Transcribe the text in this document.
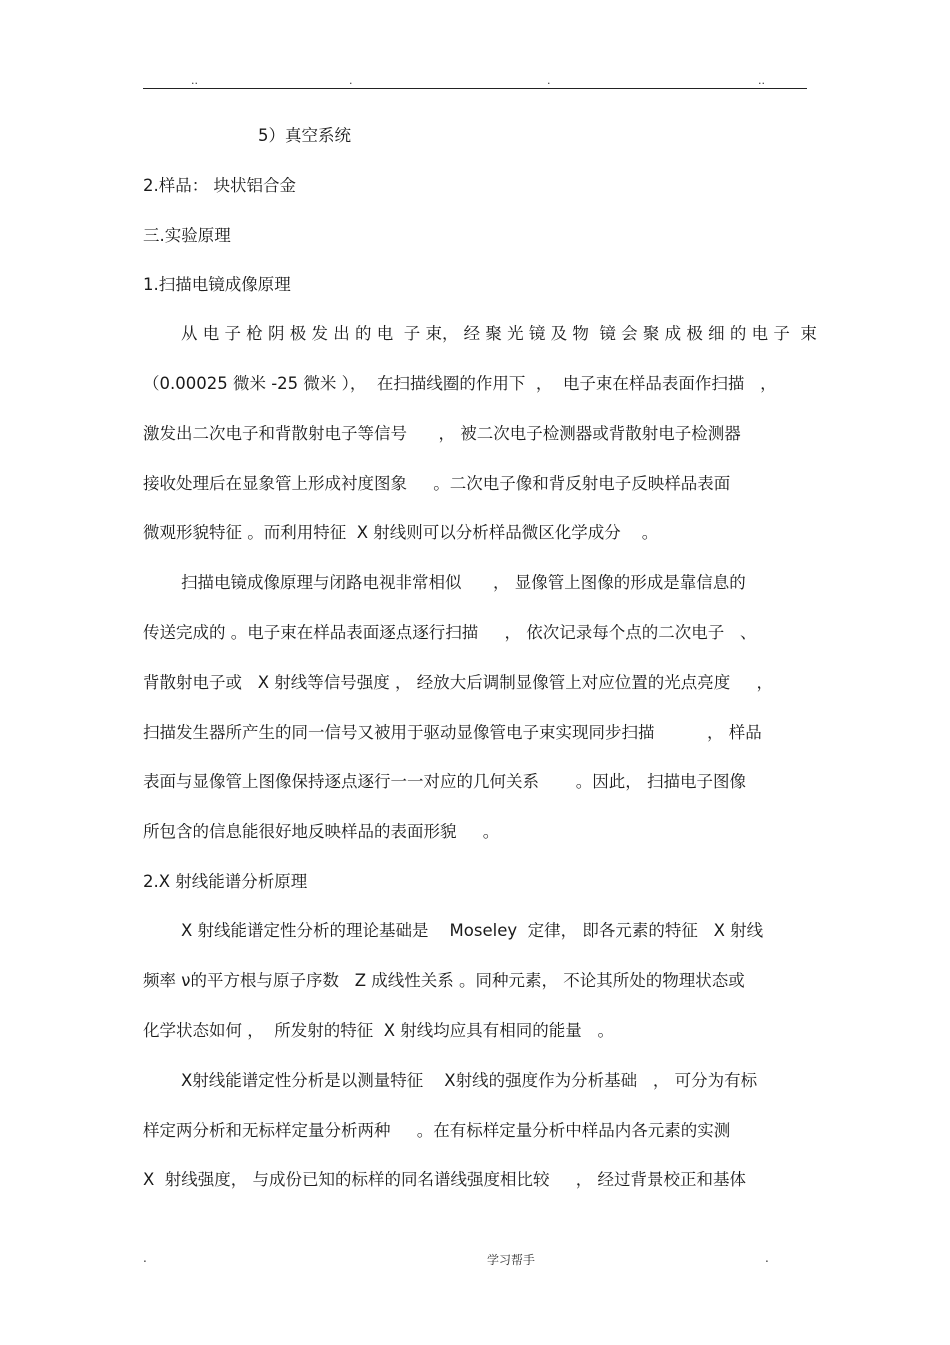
..	.	.	..
5）真空系统
2.样品： 块状铝合金
三.实验原理
1.扫描电镜成像原理
从 电 子 枪 阴 极 发 出 的 电  子 束， 经 聚 光 镜 及 物  镜 会 聚 成 极 细 的 电 子  束
（0.00025 微米 -25 微米 ），  在扫描线圈的作用下  ，  电子束在样品表面作扫描   ，
激发出二次电子和背散射电子等信号      ， 被二次电子检测器或背散射电子检测器
接收处理后在显象管上形成衬度图象     。二次电子像和背反射电子反映样品表面
微观形貌特征 。而利用特征  X 射线则可以分析样品微区化学成分    。
扫描电镜成像原理与闭路电视非常相似      ， 显像管上图像的形成是靠信息的
传送完成的 。电子束在样品表面逐点逐行扫描     ， 依次记录每个点的二次电子   、
背散射电子或   X 射线等信号强度 ， 经放大后调制显像管上对应位置的光点亮度     ，
扫描发生器所产生的同一信号又被用于驱动显像管电子束实现同步扫描          ， 样品
表面与显像管上图像保持逐点逐行一一对应的几何关系       。因此， 扫描电子图像
所包含的信息能很好地反映样品的表面形貌     。
2.X 射线能谱分析原理
X 射线能谱定性分析的理论基础是    Moseley  定律， 即各元素的特征   X 射线
频率 ν的平方根与原子序数   Z 成线性关系 。同种元素， 不论其所处的物理状态或
化学状态如何 ，  所发射的特征  X 射线均应具有相同的能量   。
X射线能谱定性分析是以测量特征    X射线的强度作为分析基础   ， 可分为有标
样定两分析和无标样定量分析两种     。在有标样定量分析中样品内各元素的实测
X  射线强度， 与成份已知的标样的同名谱线强度相比较     ， 经过背景校正和基体
.	学习帮手	.
